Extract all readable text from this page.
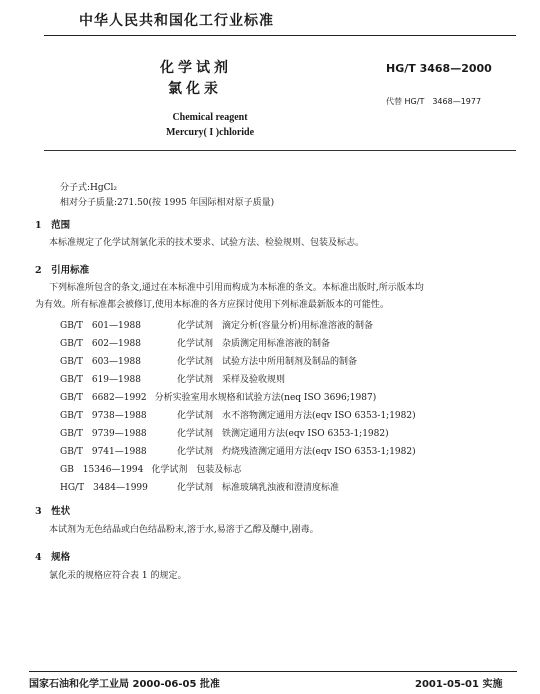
中华人民共和国化工行业标准
化学试剂
氯化汞
HG/T 3468—2000
代替 HG/T　3468—1977
Chemical reagent
Mercury( I )chloride
分子式:HgCl₂
相对分子质量:271.50(按 1995 年国际相对原子质量)
1　范围
本标准规定了化学试剂氯化汞的技术要求、试验方法、检验规则、包装及标志。
2　引用标准
下列标准所包含的条文,通过在本标准中引用而构成为本标准的条文。本标准出版时,所示版本均
为有效。所有标准都会被修订,使用本标准的各方应探讨使用下列标准最新版本的可能性。
GB/T　601—1988	化学试剂　滴定分析(容量分析)用标准溶液的制备
GB/T　602—1988	化学试剂　杂质测定用标准溶液的制备
GB/T　603—1988	化学试剂　试验方法中所用制剂及制品的制备
GB/T　619—1988	化学试剂　采样及验收规则
GB/T　6682—1992 分析实验室用水规格和试验方法(neq ISO 3696;1987)
GB/T　9738—1988	化学试剂　水不溶物测定通用方法(eqv ISO 6353-1;1982)
GB/T　9739—1988	化学试剂　铁测定通用方法(eqv ISO 6353-1;1982)
GB/T　9741—1988	化学试剂　灼烧残渣测定通用方法(eqv ISO 6353-1;1982)
GB　15346—1994 化学试剂　包装及标志
HG/T　3484—1999	化学试剂　标准玻璃乳浊液和澄清度标准
3　性状
本试剂为无色结晶或白色结晶粉末,溶于水,易溶于乙醇及醚中,剧毒。
4　规格
氯化汞的规格应符合表 1 的规定。
国家石油和化学工业局 2000-06-05 批准	2001-05-01 实施
